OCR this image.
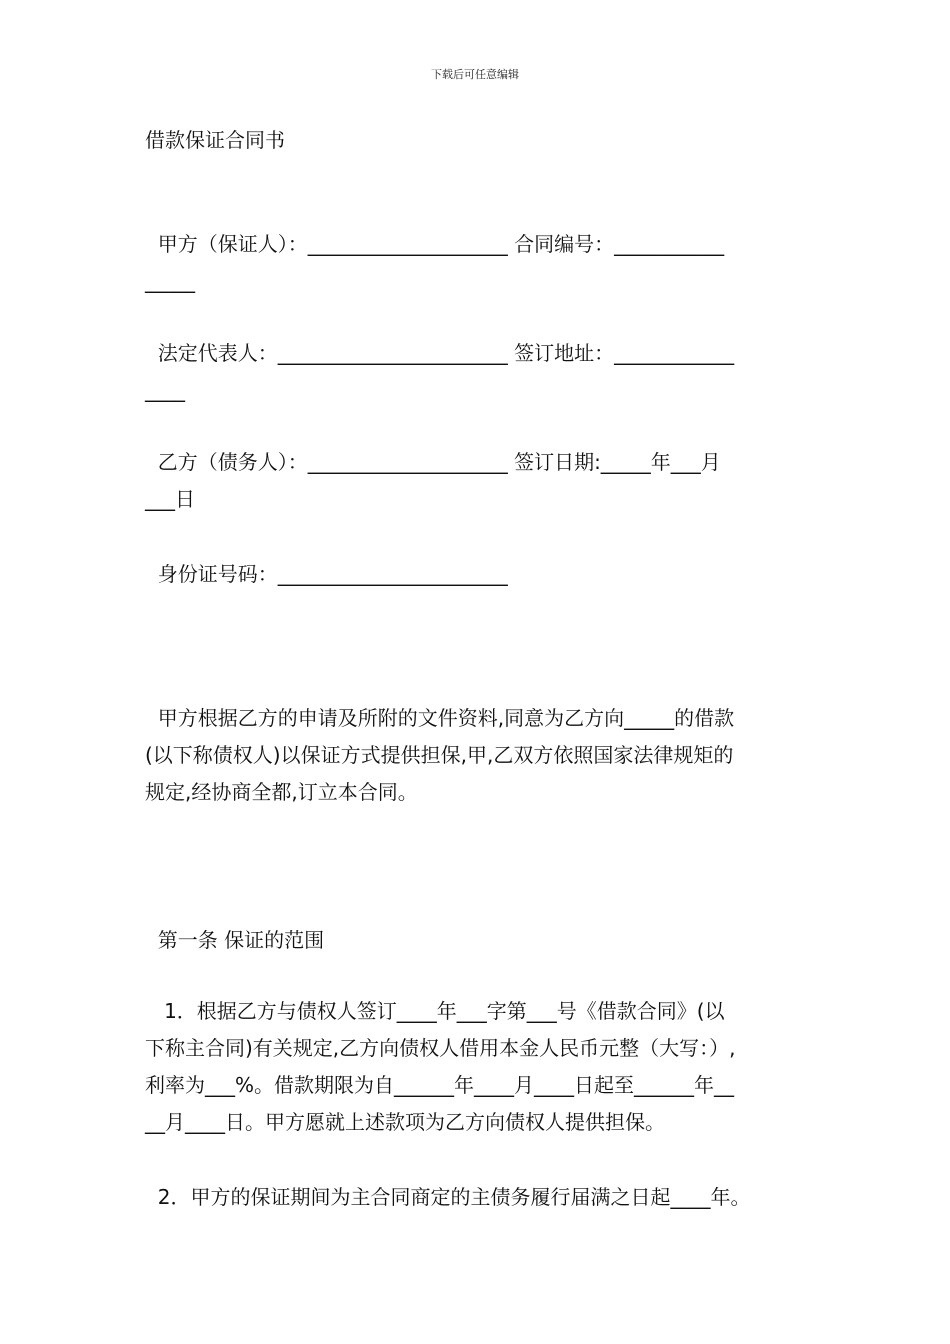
下载后可任意编辑
借款保证合同书
甲方（保证人）：____________________ 合同编号：___________
_____
法定代表人：_______________________ 签订地址：____________
____
乙方（债务人）：____________________ 签订日期:_____年___月
___日
身份证号码：_______________________
甲方根据乙方的申请及所附的文件资料,同意为乙方向_____的借款
(以下称债权人)以保证方式提供担保,甲,乙双方依照国家法律规矩的
规定,经协商全都,订立本合同。
第一条 保证的范围
1．根据乙方与债权人签订____年___字第___号《借款合同》(以
下称主合同)有关规定,乙方向债权人借用本金人民币元整（大写：）,
利率为___%。借款期限为自______年____月____日起至______年__
__月____日。甲方愿就上述款项为乙方向债权人提供担保。
2．甲方的保证期间为主合同商定的主债务履行届满之日起____年。
